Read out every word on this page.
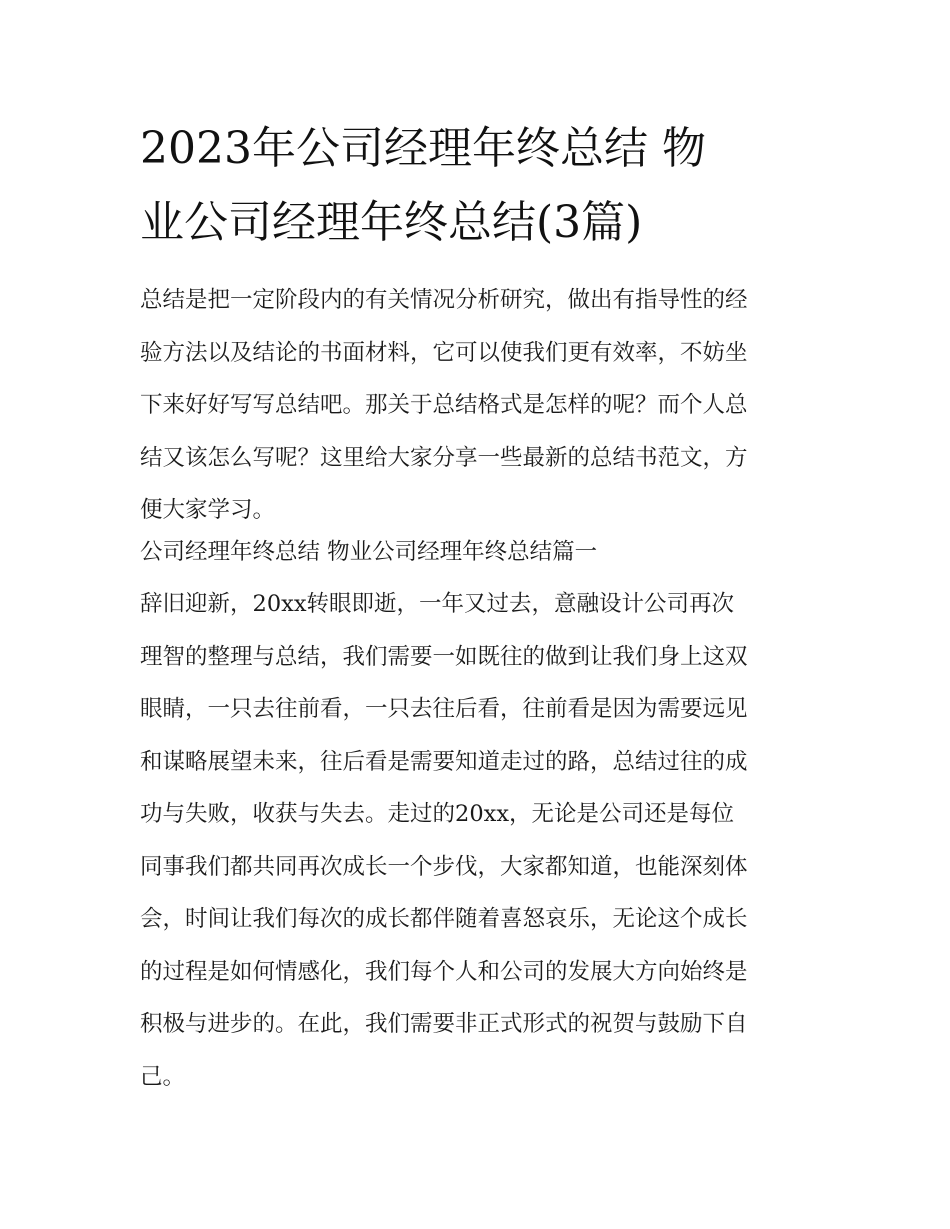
2023年公司经理年终总结 物
业公司经理年终总结(3篇)
总结是把一定阶段内的有关情况分析研究，做出有指导性的经
验方法以及结论的书面材料，它可以使我们更有效率，不妨坐
下来好好写写总结吧。那关于总结格式是怎样的呢？而个人总
结又该怎么写呢？这里给大家分享一些最新的总结书范文，方
便大家学习。
公司经理年终总结 物业公司经理年终总结篇一
辞旧迎新，20xx转眼即逝，一年又过去，意融设计公司再次
理智的整理与总结，我们需要一如既往的做到让我们身上这双
眼睛，一只去往前看，一只去往后看，往前看是因为需要远见
和谋略展望未来，往后看是需要知道走过的路，总结过往的成
功与失败，收获与失去。走过的20xx，无论是公司还是每位
同事我们都共同再次成长一个步伐，大家都知道，也能深刻体
会，时间让我们每次的成长都伴随着喜怒哀乐，无论这个成长
的过程是如何情感化，我们每个人和公司的发展大方向始终是
积极与进步的。在此，我们需要非正式形式的祝贺与鼓励下自
己。
